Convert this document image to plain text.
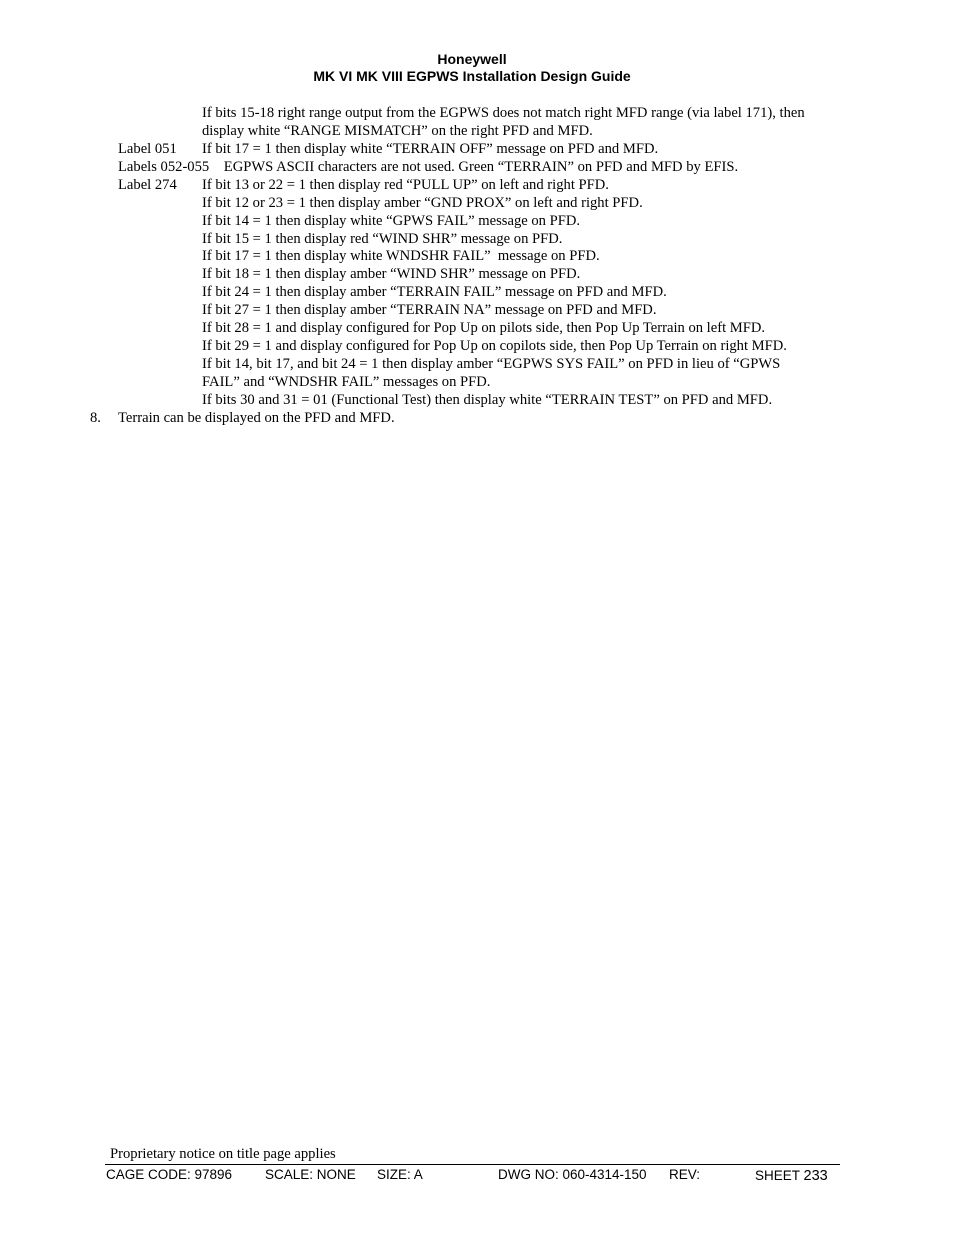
Honeywell
MK VI MK VIII EGPWS Installation Design Guide
If bits 15-18 right range output from the EGPWS does not match right MFD range (via label 171), then
display white “RANGE MISMATCH” on the right PFD and MFD.
Label 051 If bit 17 = 1 then display white “TERRAIN OFF” message on PFD and MFD.
Labels 052-055    EGPWS ASCII characters are not used. Green “TERRAIN” on PFD and MFD by EFIS.
Label 274 If bit 13 or 22 = 1 then display red “PULL UP” on left and right PFD.
If bit 12 or 23 = 1 then display amber “GND PROX” on left and right PFD.
If bit 14 = 1 then display white “GPWS FAIL” message on PFD.
If bit 15 = 1 then display red “WIND SHR” message on PFD.
If bit 17 = 1 then display white WNDSHR FAIL”  message on PFD.
If bit 18 = 1 then display amber “WIND SHR” message on PFD.
If bit 24 = 1 then display amber “TERRAIN FAIL” message on PFD and MFD.
If bit 27 = 1 then display amber “TERRAIN NA” message on PFD and MFD.
If bit 28 = 1 and display configured for Pop Up on pilots side, then Pop Up Terrain on left MFD.
If bit 29 = 1 and display configured for Pop Up on copilots side, then Pop Up Terrain on right MFD.
If bit 14, bit 17, and bit 24 = 1 then display amber “EGPWS SYS FAIL” on PFD in lieu of “GPWS
FAIL” and “WNDSHR FAIL” messages on PFD.
If bits 30 and 31 = 01 (Functional Test) then display white “TERRAIN TEST” on PFD and MFD.
8. Terrain can be displayed on the PFD and MFD.
Proprietary notice on title page applies
CAGE CODE: 97896 SCALE: NONE SIZE: A	DWG NO: 060-4314-150 REV:	SHEET 233
